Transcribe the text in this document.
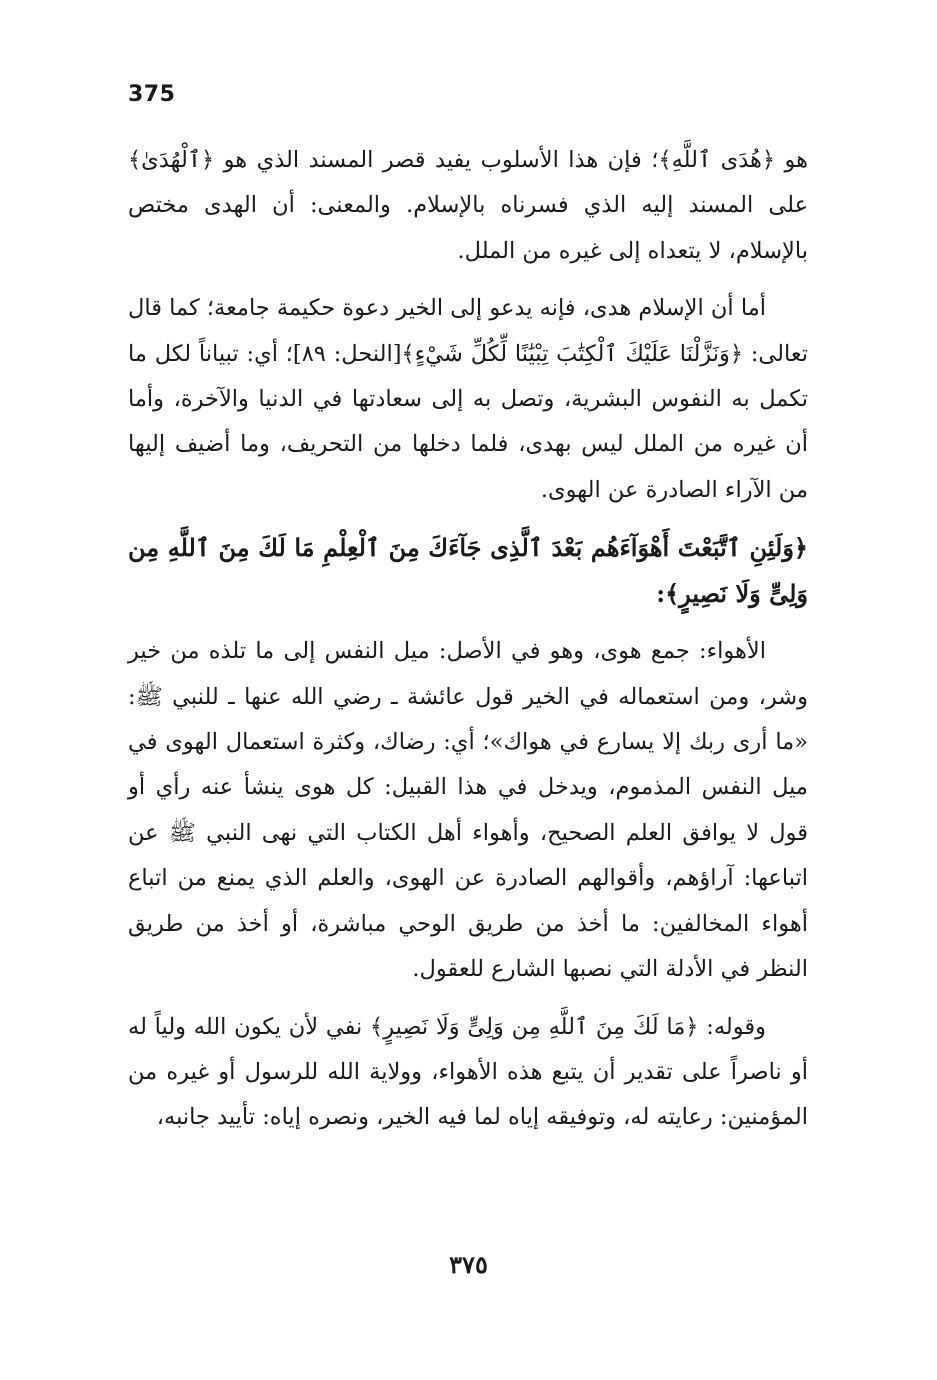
375

هو ﴿هُدَى ٱللَّهِ﴾؛ فإن هذا الأسلوب يفيد قصر المسند الذي هو ﴿ٱلْهُدَىٰ﴾ على المسند إليه الذي فسرناه بالإسلام. والمعنى: أن الهدى مختص بالإسلام، لا يتعداه إلى غيره من الملل.

أما أن الإسلام هدى، فإنه يدعو إلى الخير دعوة حكيمة جامعة؛ كما قال تعالى: ﴿وَنَزَّلْنَا عَلَيْكَ ٱلْكِتَٰبَ تِبْيَٰنًا لِّكُلِّ شَيْءٍ﴾[النحل: ٨٩]؛ أي: تبياناً لكل ما تكمل به النفوس البشرية، وتصل به إلى سعادتها في الدنيا والآخرة، وأما أن غيره من الملل ليس بهدى، فلما دخلها من التحريف، وما أضيف إليها من الآراء الصادرة عن الهوى.

﴿وَلَئِنِ ٱتَّبَعْتَ أَهْوَآءَهُم بَعْدَ ٱلَّذِى جَآءَكَ مِنَ ٱلْعِلْمِ مَا لَكَ مِنَ ٱللَّهِ مِن وَلِىٍّ وَلَا نَصِيرٍ﴾:

الأهواء: جمع هوى، وهو في الأصل: ميل النفس إلى ما تلذه من خير وشر، ومن استعماله في الخير قول عائشة ـ رضي الله عنها ـ للنبي ﷺ: «ما أرى ربك إلا يسارع في هواك»؛ أي: رضاك، وكثرة استعمال الهوى في ميل النفس المذموم، ويدخل في هذا القبيل: كل هوى ينشأ عنه رأي أو قول لا يوافق العلم الصحيح، وأهواء أهل الكتاب التي نهى النبي ﷺ عن اتباعها: آراؤهم، وأقوالهم الصادرة عن الهوى، والعلم الذي يمنع من اتباع أهواء المخالفين: ما أخذ من طريق الوحي مباشرة، أو أخذ من طريق النظر في الأدلة التي نصبها الشارع للعقول.

وقوله: ﴿مَا لَكَ مِنَ ٱللَّهِ مِن وَلِىٍّ وَلَا نَصِيرٍ﴾ نفي لأن يكون الله ولياً له أو ناصراً على تقدير أن يتبع هذه الأهواء، وولاية الله للرسول أو غيره من المؤمنين: رعايته له، وتوفيقه إياه لما فيه الخير، ونصره إياه: تأييد جانبه،

٣٧٥
